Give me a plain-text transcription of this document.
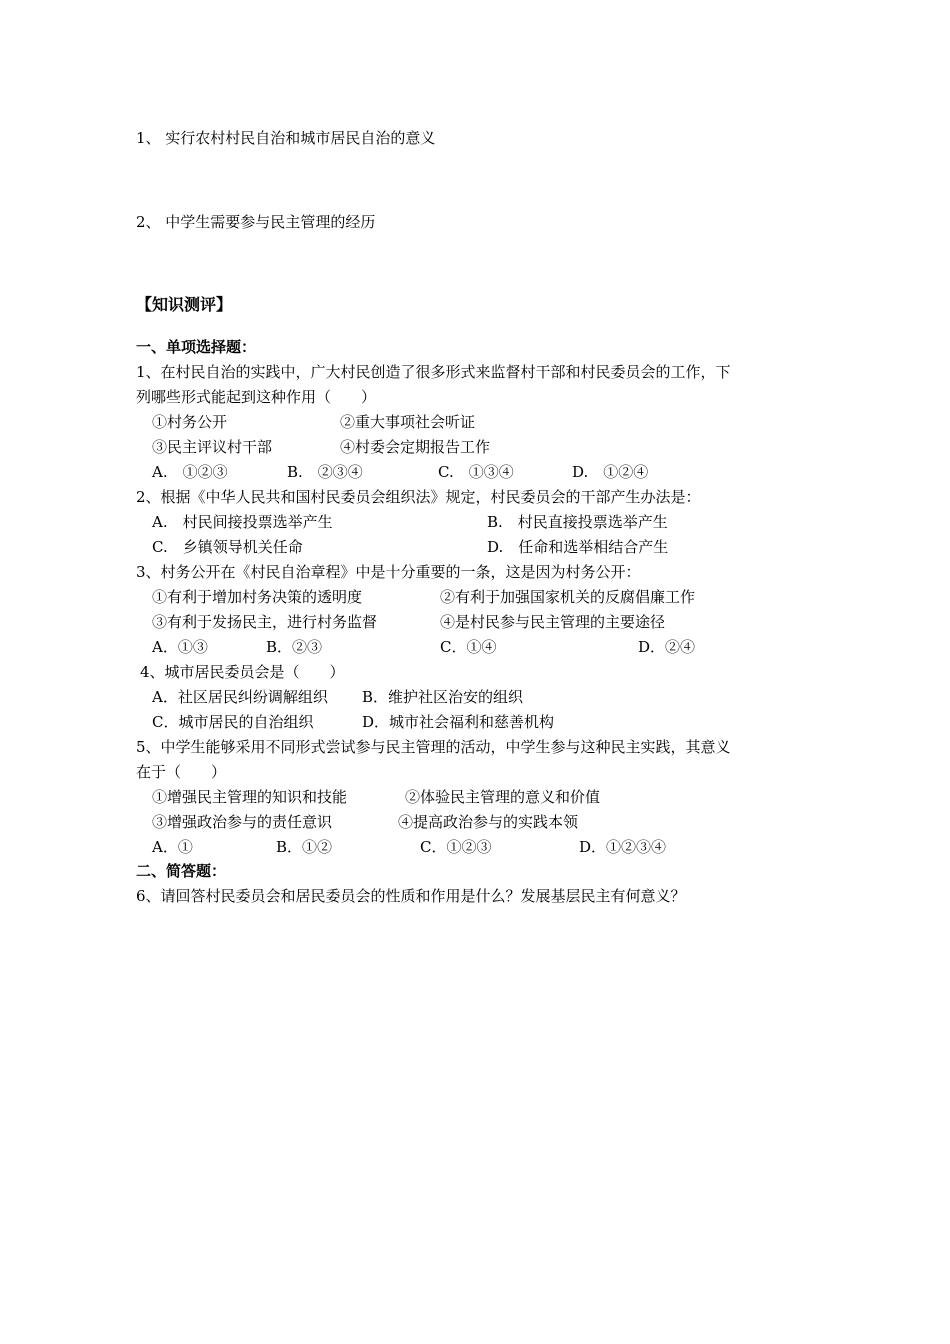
1、 实行农村村民自治和城市居民自治的意义
2、 中学生需要参与民主管理的经历
【知识测评】
一、单项选择题：
1、在村民自治的实践中，广大村民创造了很多形式来监督村干部和村民委员会的工作，下
列哪些形式能起到这种作用（　　）
①村务公开	②重大事项社会听证
③民主评议村干部	④村委会定期报告工作
A.　①②③	B.　②③④	C.　①③④	D.　①②④
2、根据《中华人民共和国村民委员会组织法》规定，村民委员会的干部产生办法是：
A.　村民间接投票选举产生	B.　村民直接投票选举产生
C.　乡镇领导机关任命	D.　任命和选举相结合产生
3、村务公开在《村民自治章程》中是十分重要的一条，这是因为村务公开：
①有利于增加村务决策的透明度	②有利于加强国家机关的反腐倡廉工作
③有利于发扬民主，进行村务监督	④是村民参与民主管理的主要途径
A．①③	B．②③	C．①④	D．②④
4、城市居民委员会是（　　）
A．社区居民纠纷调解组织 B．维护社区治安的组织
C．城市居民的自治组织	D．城市社会福利和慈善机构
5、中学生能够采用不同形式尝试参与民主管理的活动，中学生参与这种民主实践，其意义
在于（　　）
①增强民主管理的知识和技能	②体验民主管理的意义和价值
③增强政治参与的责任意识	④提高政治参与的实践本领
A．①	B．①②	C．①②③	D．①②③④
二、简答题：
6、请回答村民委员会和居民委员会的性质和作用是什么？发展基层民主有何意义？
